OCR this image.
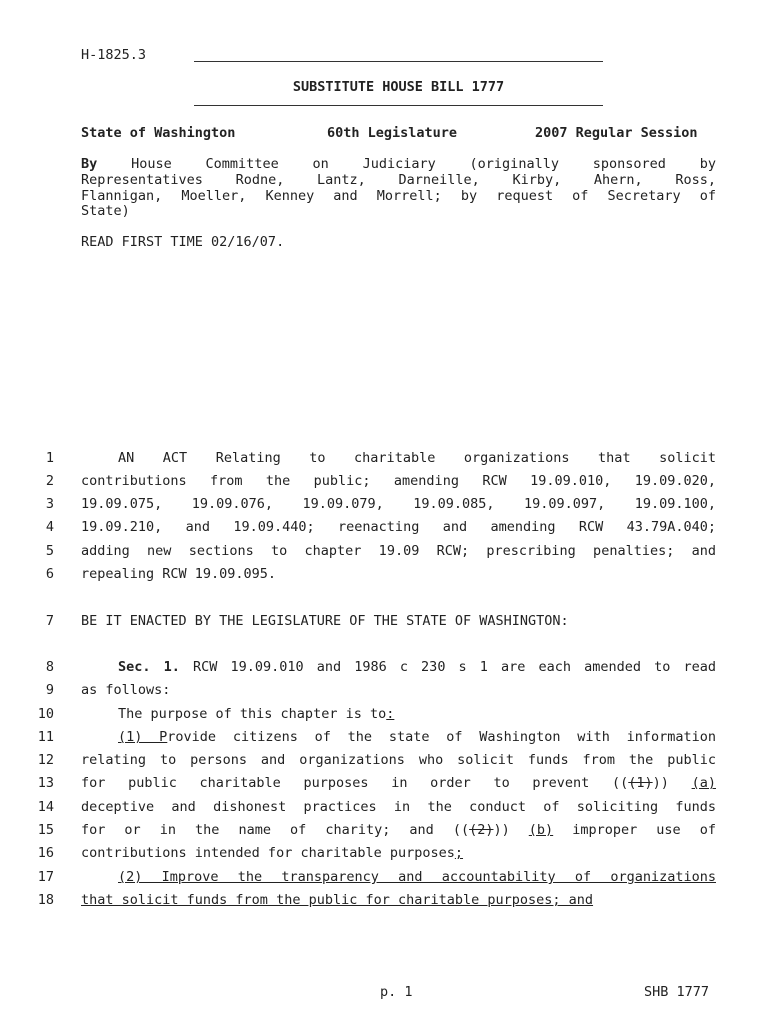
H-1825.3
SUBSTITUTE HOUSE BILL 1777
State of Washington	60th Legislature	2007 Regular Session
By	House Committee on Judiciary (originally sponsored by
Representatives Rodne, Lantz, Darneille, Kirby, Ahern, Ross,
Flannigan, Moeller, Kenney and Morrell; by request of Secretary of
State)
READ FIRST TIME 02/16/07.
1
2
3
4
5
6
7
8
9
10
11
12
13
14
15
16
17
18
AN ACT Relating to charitable organizations that solicit
contributions from the public; amending RCW 19.09.010, 19.09.020,
19.09.075, 19.09.076, 19.09.079, 19.09.085, 19.09.097, 19.09.100,
19.09.210, and 19.09.440; reenacting and amending RCW 43.79A.040;
adding new sections to chapter 19.09 RCW; prescribing penalties; and
repealing RCW 19.09.095.
BE IT ENACTED BY THE LEGISLATURE OF THE STATE OF WASHINGTON:
Sec. 1. RCW 19.09.010 and 1986 c 230 s 1 are each amended to read
as follows:
The purpose of this chapter is to:
(1) Provide citizens of the state of Washington with information
relating to persons and organizations who solicit funds from the public
for public charitable purposes in order to prevent (((1))) (a)
deceptive and dishonest practices in the conduct of soliciting funds
for or in the name of charity; and (((2))) (b) improper use of
contributions intended for charitable purposes;
(2) Improve the transparency and accountability of organizations
that solicit funds from the public for charitable purposes; and
p. 1	SHB 1777
